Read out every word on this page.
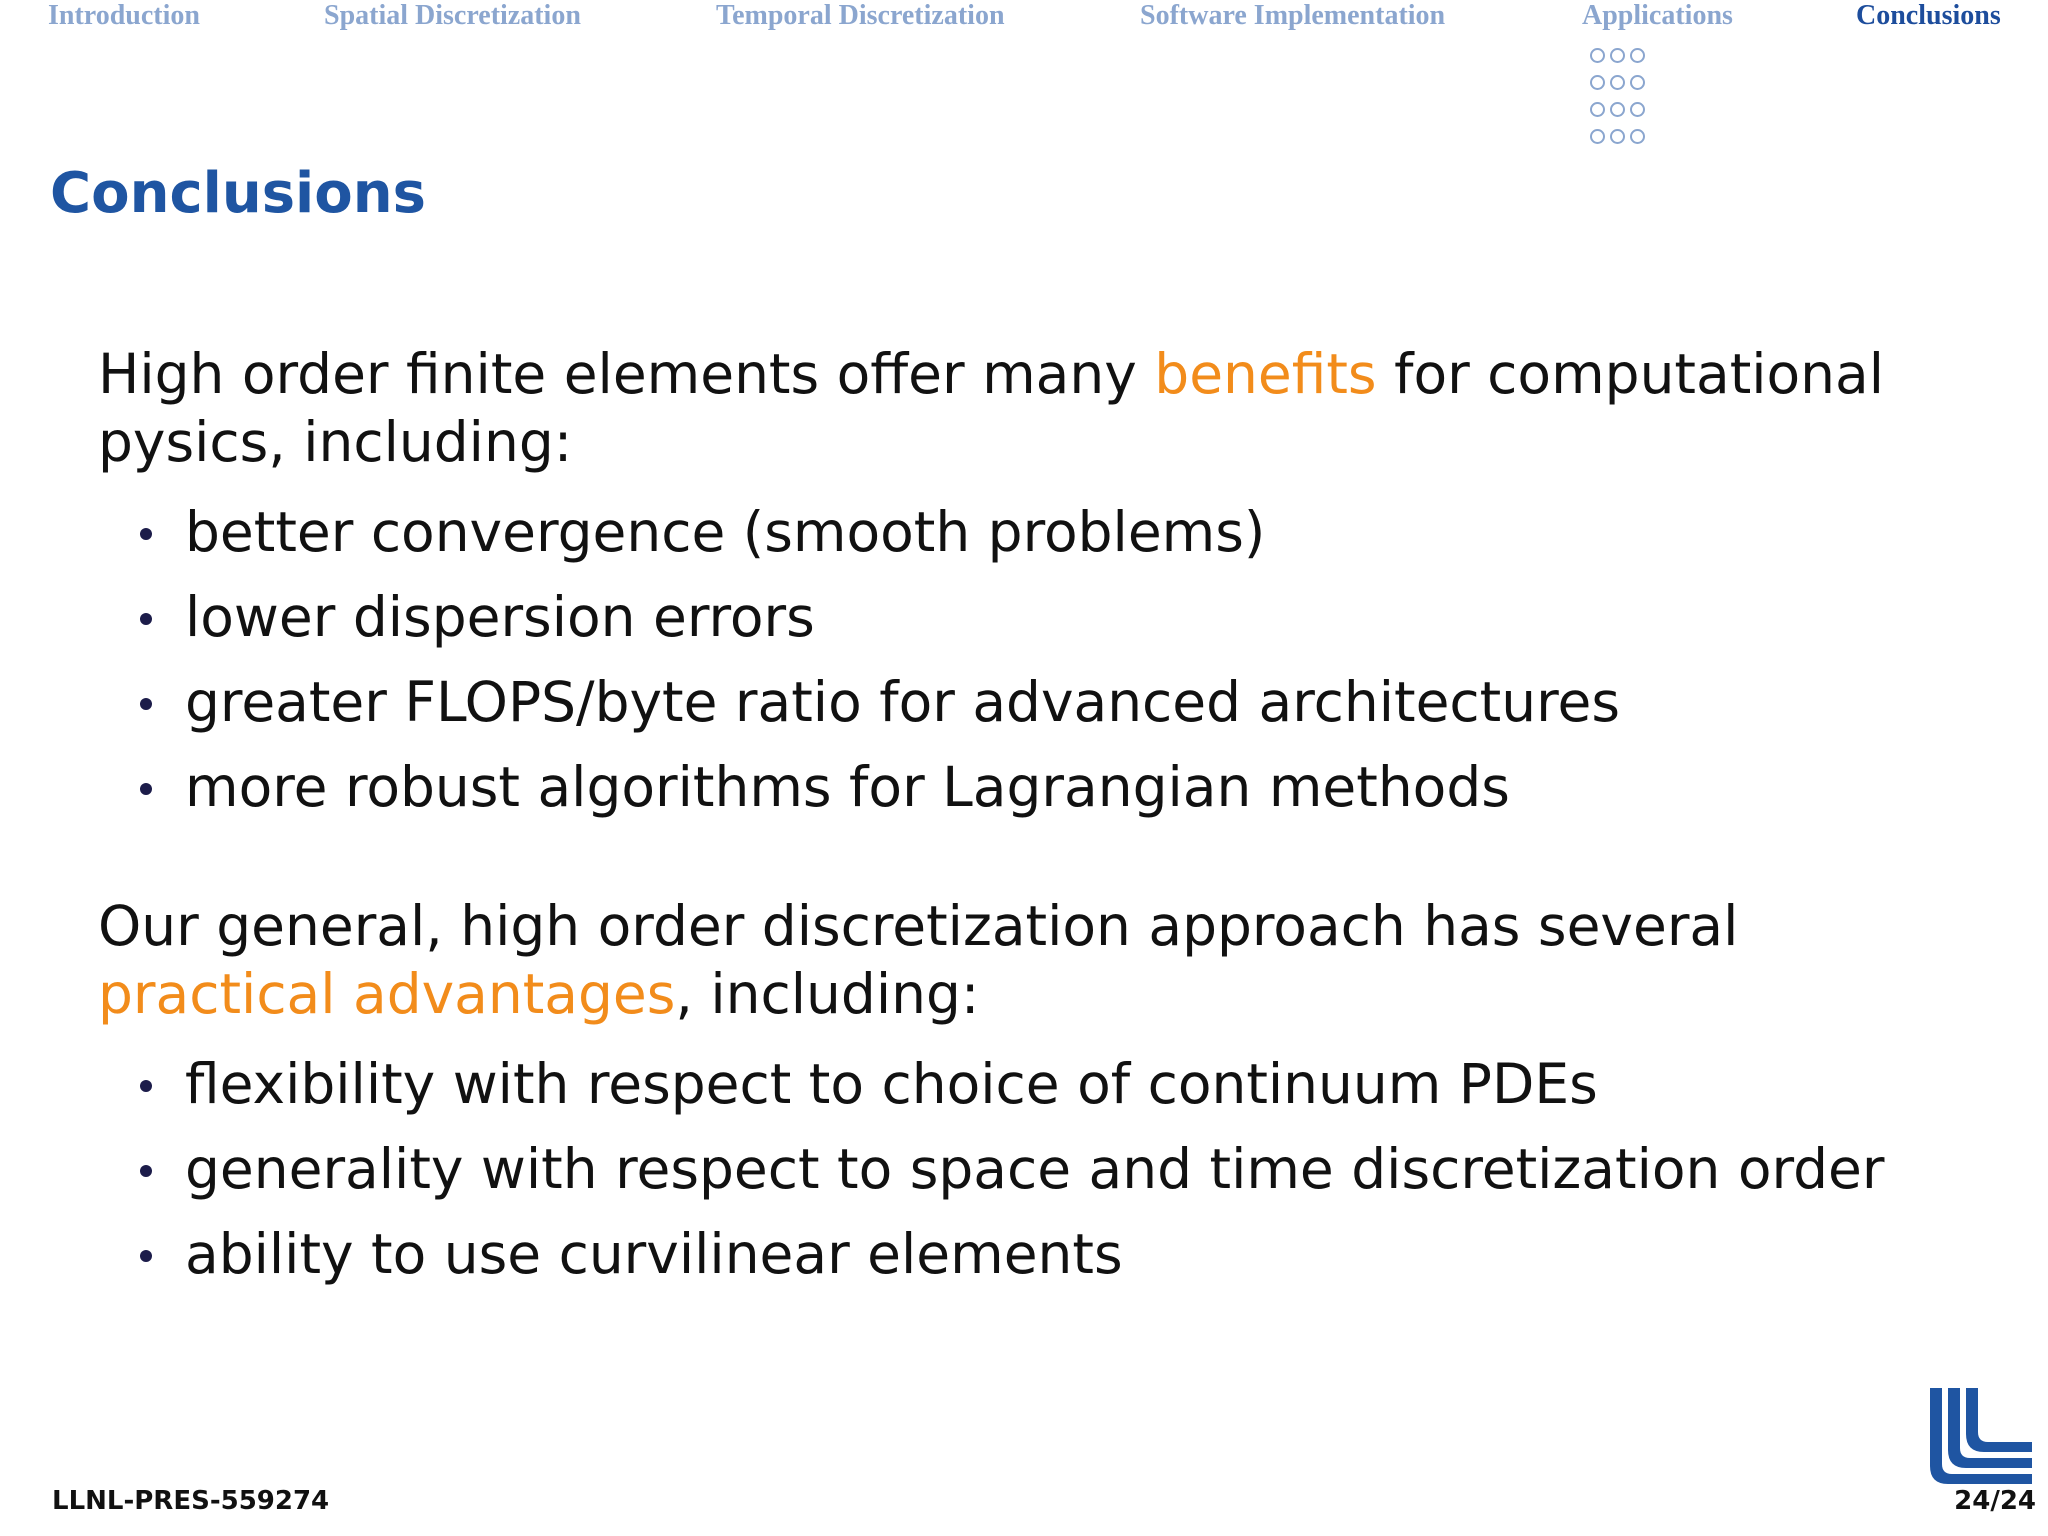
Introduction	Spatial Discretization	Temporal Discretization	Software Implementation	Applications	Conclusions
Conclusions

High order finite elements offer many benefits for computational pysics, including:

better convergence (smooth problems)
lower dispersion errors
greater FLOPS/byte ratio for advanced architectures
more robust algorithms for Lagrangian methods

Our general, high order discretization approach has several practical advantages, including:

flexibility with respect to choice of continuum PDEs
generality with respect to space and time discretization order
ability to use curvilinear elements
LLNL-PRES-559274	24/24
